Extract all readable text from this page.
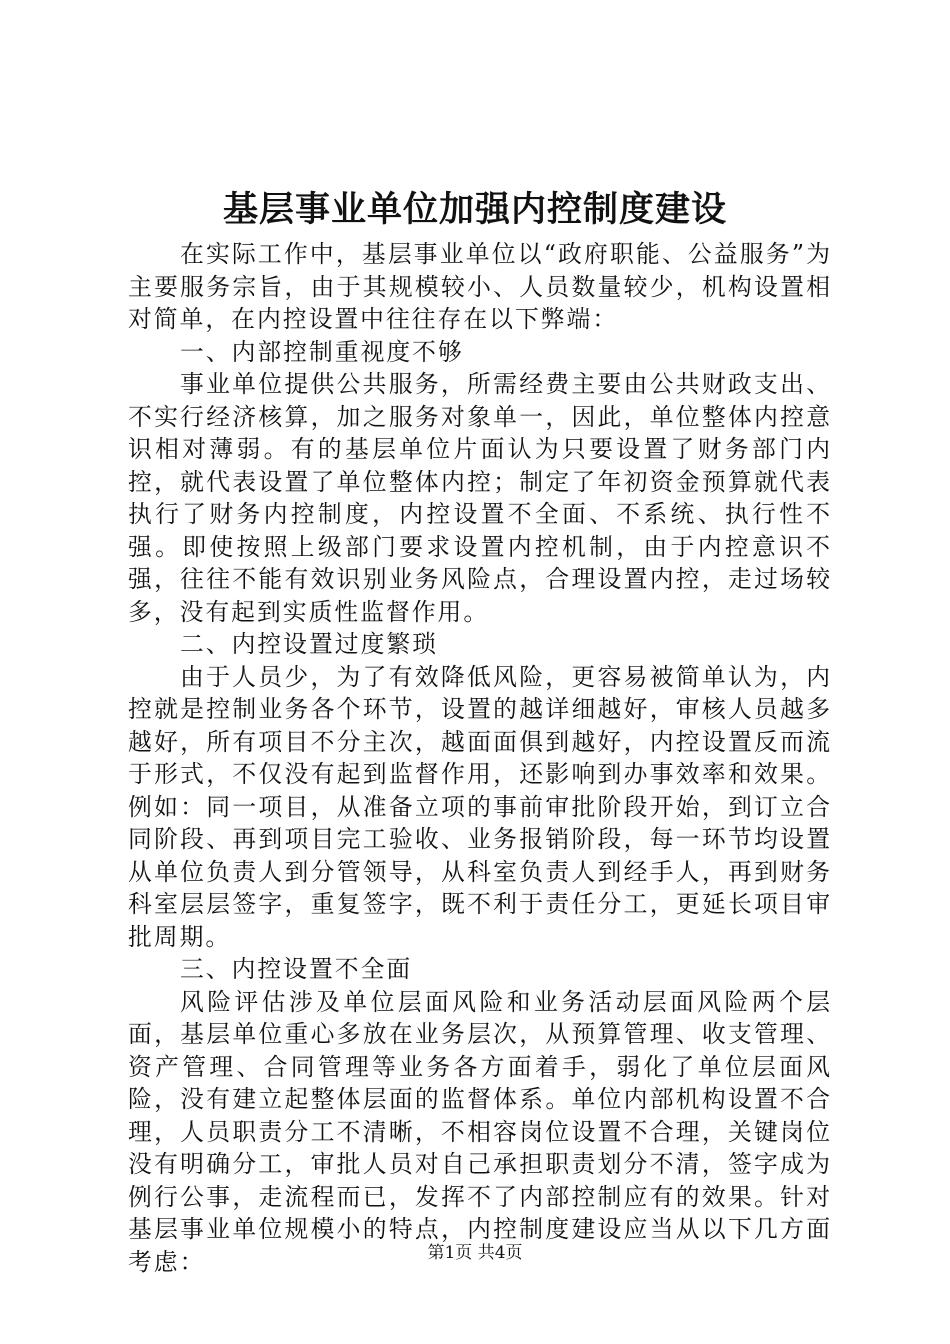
基层事业单位加强内控制度建设

在实际工作中，基层事业单位以“政府职能、公益服务”为主要服务宗旨，由于其规模较小、人员数量较少，机构设置相对简单，在内控设置中往往存在以下弊端：

一、内部控制重视度不够

事业单位提供公共服务，所需经费主要由公共财政支出、不实行经济核算，加之服务对象单一，因此，单位整体内控意识相对薄弱。有的基层单位片面认为只要设置了财务部门内控，就代表设置了单位整体内控；制定了年初资金预算就代表执行了财务内控制度，内控设置不全面、不系统、执行性不强。即使按照上级部门要求设置内控机制，由于内控意识不强，往往不能有效识别业务风险点，合理设置内控，走过场较多，没有起到实质性监督作用。

二、内控设置过度繁琐

由于人员少，为了有效降低风险，更容易被简单认为，内控就是控制业务各个环节，设置的越详细越好，审核人员越多越好，所有项目不分主次，越面面俱到越好，内控设置反而流于形式，不仅没有起到监督作用，还影响到办事效率和效果。例如：同一项目，从准备立项的事前审批阶段开始，到订立合同阶段、再到项目完工验收、业务报销阶段，每一环节均设置从单位负责人到分管领导，从科室负责人到经手人，再到财务科室层层签字，重复签字，既不利于责任分工，更延长项目审批周期。

三、内控设置不全面

风险评估涉及单位层面风险和业务活动层面风险两个层面，基层单位重心多放在业务层次，从预算管理、收支管理、资产管理、合同管理等业务各方面着手，弱化了单位层面风险，没有建立起整体层面的监督体系。单位内部机构设置不合理，人员职责分工不清晰，不相容岗位设置不合理，关键岗位没有明确分工，审批人员对自己承担职责划分不清，签字成为例行公事，走流程而已，发挥不了内部控制应有的效果。针对基层事业单位规模小的特点，内控制度建设应当从以下几方面考虑：	第1页 共4页
